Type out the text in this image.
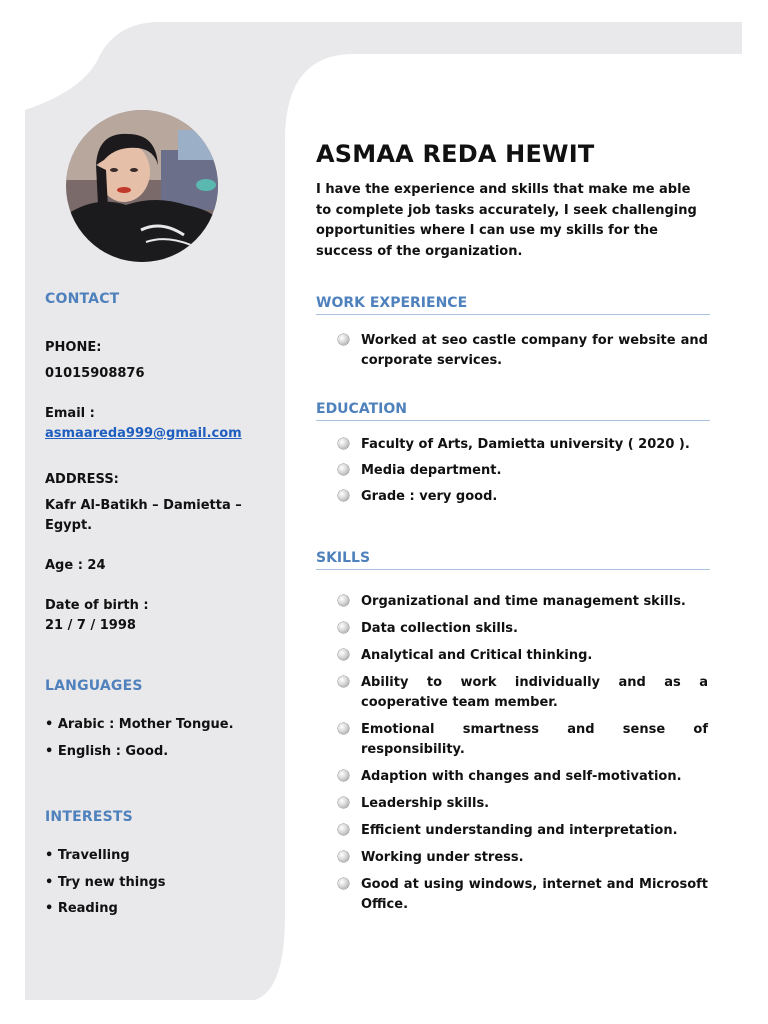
CONTACT
PHONE:
01015908876
Email :
asmaareda999@gmail.com
ADDRESS:
Kafr Al-Batikh – Damietta –
Egypt.
Age : 24
Date of birth :
21 / 7 / 1998
LANGUAGES
• Arabic : Mother Tongue.
• English : Good.
INTERESTS
• Travelling
• Try new things
• Reading
ASMAA REDA HEWIT
I have the experience and skills that make me able to complete job tasks accurately, I seek challenging opportunities where I can use my skills for the success of the organization.
WORK EXPERIENCE
Worked at seo castle company for website and corporate services.
EDUCATION
Faculty of Arts, Damietta university ( 2020 ).
Media department.
Grade : very good.
SKILLS
Organizational and time management skills.
Data collection skills.
Analytical and Critical thinking.
Ability to work individually and as a cooperative team member.
Emotional smartness and sense of responsibility.
Adaption with changes and self-motivation.
Leadership skills.
Efficient understanding and interpretation.
Working under stress.
Good at using windows, internet and Microsoft Office.
